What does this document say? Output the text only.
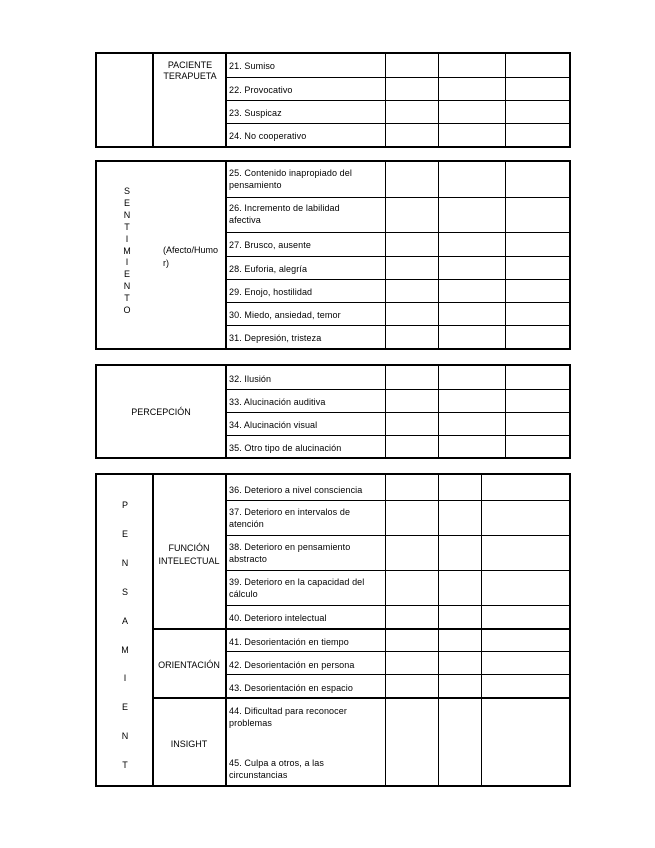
PACIENTE TERAPUETA
21. Sumiso
22. Provocativo
23. Suspicaz
24. No cooperativo
S
E
N
T
I
M
I
E
N
T
O
(Afecto/Humor)
25. Contenido inapropiado del pensamiento
26. Incremento de labilidad afectiva
27. Brusco, ausente
28. Euforia, alegría
29. Enojo, hostilidad
30. Miedo, ansiedad, temor
31. Depresión, tristeza
PERCEPCIÓN
32. Ilusión
33. Alucinación auditiva
34. Alucinación visual
35. Otro tipo de alucinación
P
E
N
S
A
M
I
E
N
T
FUNCIÓN INTELECTUAL
ORIENTACIÓN
INSIGHT
36. Deterioro a nivel consciencia
37. Deterioro en intervalos de atención
38. Deterioro en pensamiento abstracto
39. Deterioro en la capacidad del cálculo
40. Deterioro intelectual
41. Desorientación en tiempo
42. Desorientación en persona
43. Desorientación en espacio
44. Dificultad para reconocer problemas
45. Culpa a otros, a las circunstancias
